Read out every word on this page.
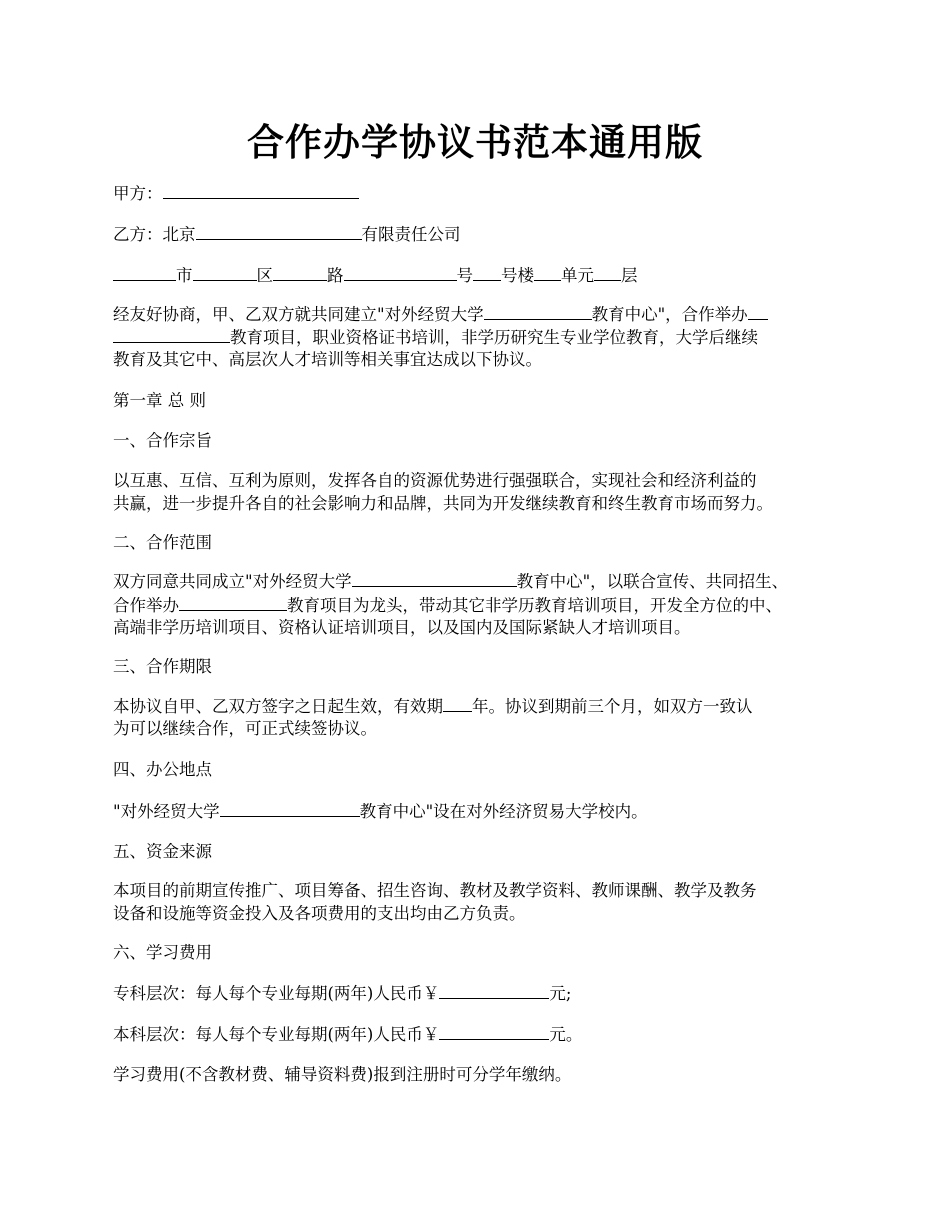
合作办学协议书范本通用版
甲方：
乙方：北京	有限责任公司
市	区	路	号 号楼 单元 层
经友好协商，甲、乙双方就共同建立"对外经贸大学	教育中心"，合作举办
教育项目，职业资格证书培训，非学历研究生专业学位教育，大学后继续
教育及其它中、高层次人才培训等相关事宜达成以下协议。
第一章 总 则
一、合作宗旨
以互惠、互信、互利为原则，发挥各自的资源优势进行强强联合，实现社会和经济利益的
共赢，进一步提升各自的社会影响力和品牌，共同为开发继续教育和终生教育市场而努力。
二、合作范围
双方同意共同成立"对外经贸大学	教育中心"，以联合宣传、共同招生、
合作举办	教育项目为龙头，带动其它非学历教育培训项目，开发全方位的中、
高端非学历培训项目、资格认证培训项目，以及国内及国际紧缺人才培训项目。
三、合作期限
本协议自甲、乙双方签字之日起生效，有效期 年。协议到期前三个月，如双方一致认
为可以继续合作，可正式续签协议。
四、办公地点
"对外经贸大学	教育中心"设在对外经济贸易大学校内。
五、资金来源
本项目的前期宣传推广、项目筹备、招生咨询、教材及教学资料、教师课酬、教学及教务
设备和设施等资金投入及各项费用的支出均由乙方负责。
六、学习费用
专科层次：每人每个专业每期(两年)人民币￥	元;
本科层次：每人每个专业每期(两年)人民币￥	元。
学习费用(不含教材费、辅导资料费)报到注册时可分学年缴纳。
